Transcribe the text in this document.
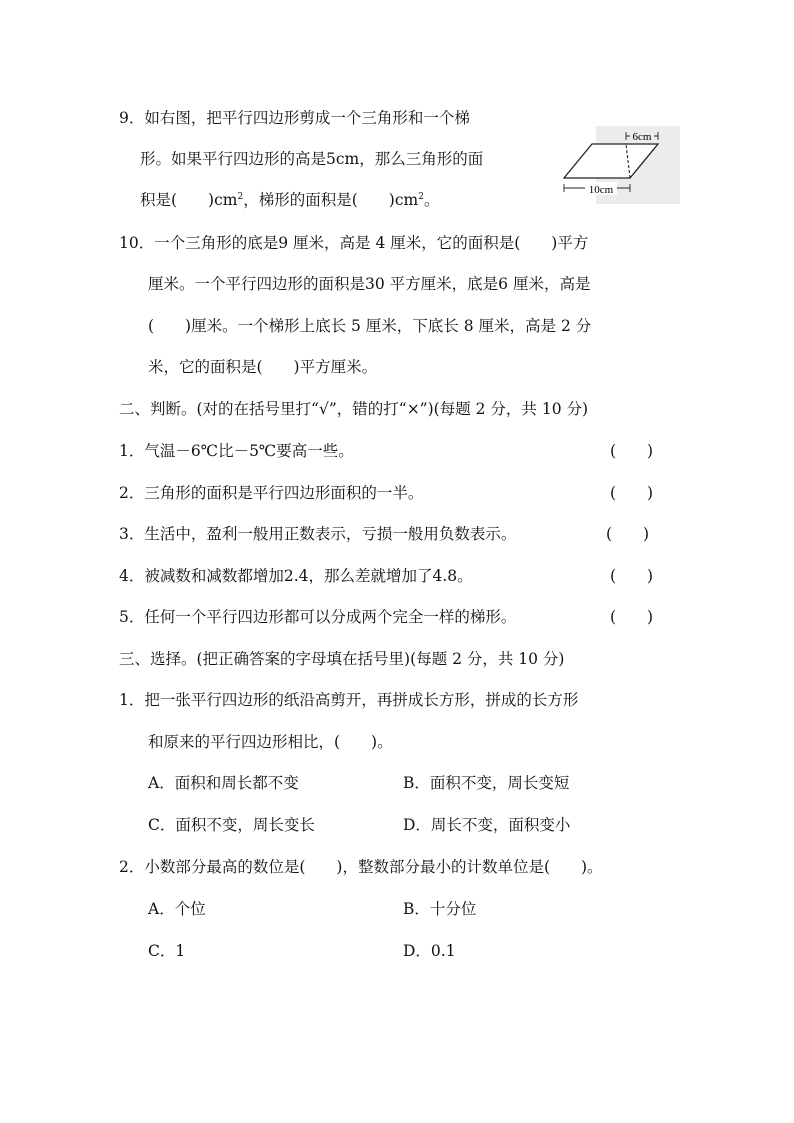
9．如右图，把平行四边形剪成一个三角形和一个梯
形。如果平行四边形的高是5cm，那么三角形的面
积是(　　)$cm^2$，梯形的面积是(　　)$cm^2$。
6cm
10cm
10．一个三角形的底是9 厘米，高是 4 厘米，它的面积是(　　)平方
厘米。一个平行四边形的面积是30 平方厘米，底是6 厘米，高是
(　　)厘米。一个梯形上底长 5 厘米，下底长 8 厘米，高是 2 分
米，它的面积是(　　)平方厘米。
二、判断。(对的在括号里打“√”，错的打“×”)(每题 2 分，共 10 分)
1．气温－6℃比－5℃要高一些。	(　　)
2．三角形的面积是平行四边形面积的一半。	(　　)
3．生活中，盈利一般用正数表示，亏损一般用负数表示。	(　　)
4．被减数和减数都增加2.4，那么差就增加了4.8。	(　　)
5．任何一个平行四边形都可以分成两个完全一样的梯形。	(　　)
三、选择。(把正确答案的字母填在括号里)(每题 2 分，共 10 分)
1．把一张平行四边形的纸沿高剪开，再拼成长方形，拼成的长方形
和原来的平行四边形相比，(　　)。
A．面积和周长都不变	B．面积不变，周长变短
C．面积不变，周长变长	D．周长不变，面积变小
2．小数部分最高的数位是(　　)，整数部分最小的计数单位是(　　)。
A．个位	B．十分位
C．1	D．0.1
